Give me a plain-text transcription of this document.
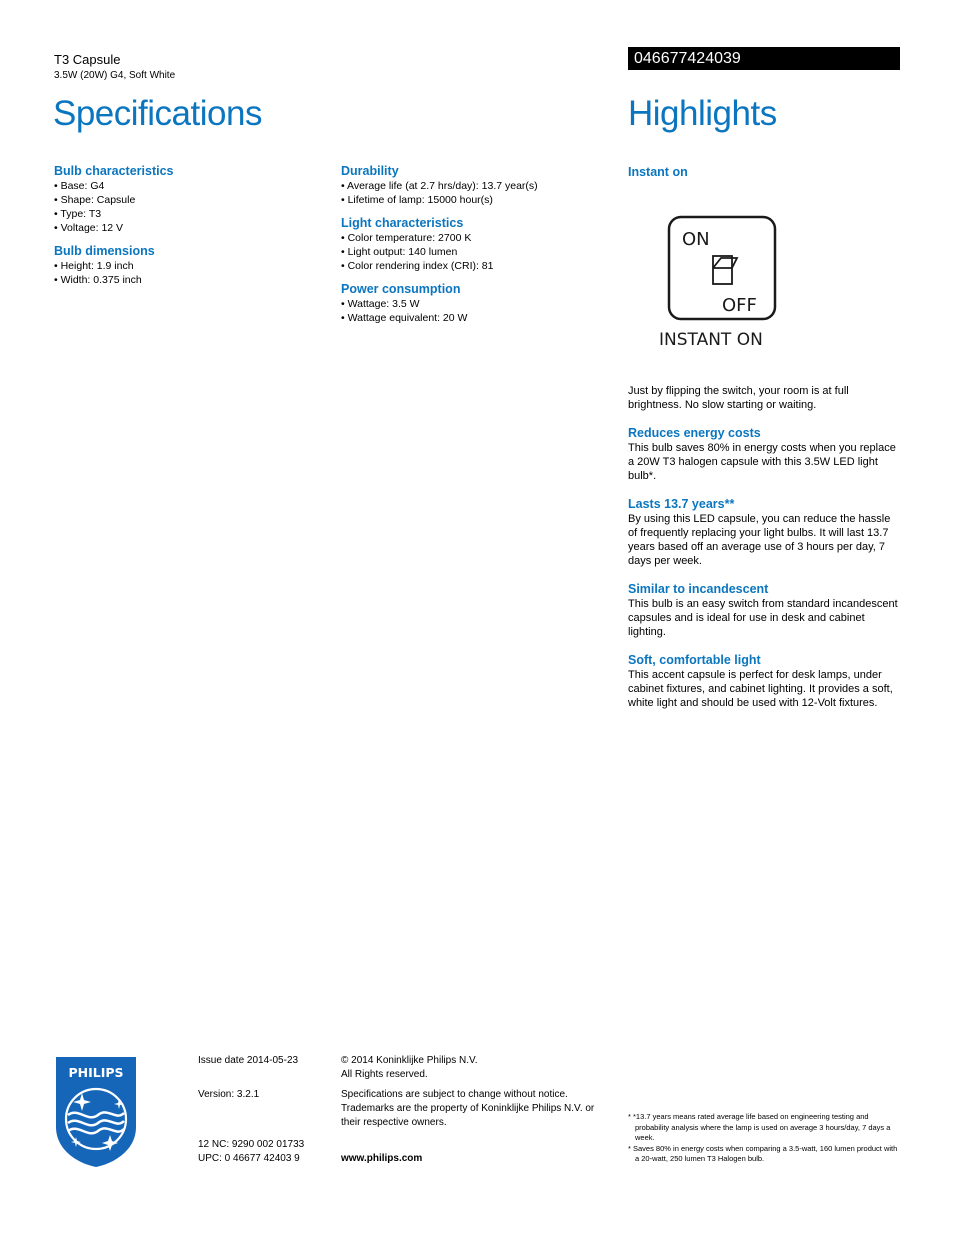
T3 Capsule
3.5W (20W) G4, Soft White
046677424039
Specifications	Highlights
Bulb characteristics
• Base: G4
• Shape: Capsule
• Type: T3
• Voltage: 12 V
Bulb dimensions
• Height: 1.9 inch
• Width: 0.375 inch
Durability
• Average life (at 2.7 hrs/day): 13.7 year(s)
• Lifetime of lamp: 15000 hour(s)
Light characteristics
• Color temperature: 2700 K
• Light output: 140 lumen
• Color rendering index (CRI): 81
Power consumption
• Wattage: 3.5 W
• Wattage equivalent: 20 W
Instant on
ON
OFF
INSTANT ON
Just by flipping the switch, your room is at full brightness. No slow starting or waiting.
Reduces energy costs
This bulb saves 80% in energy costs when you replace a 20W T3 halogen capsule with this 3.5W LED light bulb*.
Lasts 13.7 years**
By using this LED capsule, you can reduce the hassle of frequently replacing your light bulbs. It will last 13.7 years based off an average use of 3 hours per day, 7 days per week.
Similar to incandescent
This bulb is an easy switch from standard incandescent capsules and is ideal for use in desk and cabinet lighting.
Soft, comfortable light
This accent capsule is perfect for desk lamps, under cabinet fixtures, and cabinet lighting. It provides a soft, white light and should be used with 12-Volt fixtures.
PHILIPS
Issue date 2014-05-23
Version: 3.2.1
12 NC: 9290 002 01733
UPC: 0 46677 42403 9
© 2014 Koninklijke Philips N.V.
All Rights reserved.
Specifications are subject to change without notice. Trademarks are the property of Koninklijke Philips N.V. or their respective owners.
www.philips.com
* *13.7 years means rated average life based on engineering testing and probability analysis where the lamp is used on average 3 hours/day, 7 days a week.
* Saves 80% in energy costs when comparing a 3.5-watt, 160 lumen product with a 20-watt, 250 lumen T3 Halogen bulb.
